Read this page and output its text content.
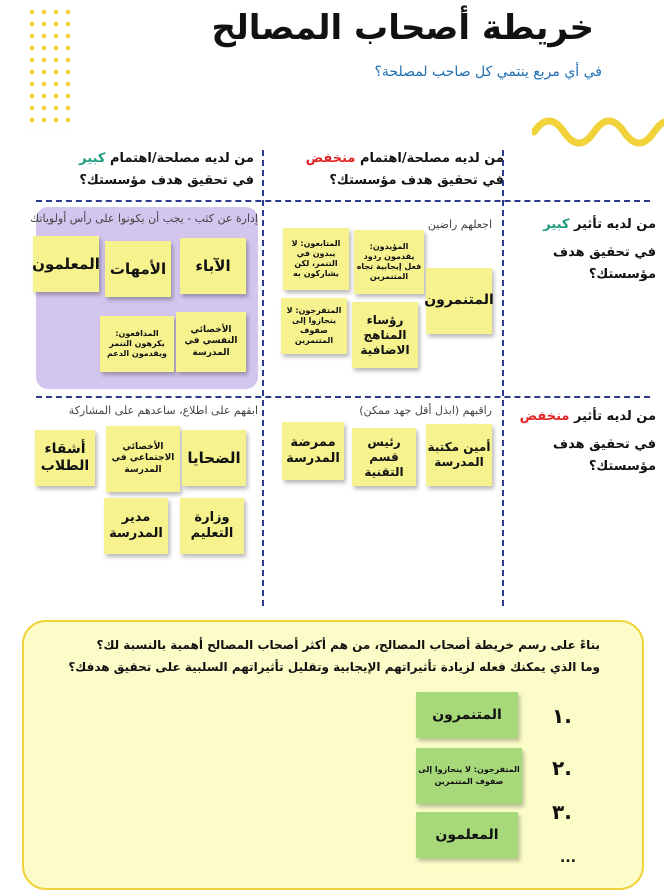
خريطة أصحاب المصالح
في أي مربع ينتمي كل صاحب لمصلحة؟
من لديه مصلحة/اهتمام منخفض
في تحقيق هدف مؤسستك؟
من لديه مصلحة/اهتمام كبير
في تحقيق هدف مؤسستك؟
من لديه تأثير كبير
في تحقيق هدف
مؤسستك؟
من لديه تأثير منخفض
في تحقيق هدف
مؤسستك؟
إدارة عن كثب - يجب أن يكونوا على رأس أولوياتك	اجعلهم راضين
ابقهم على اطلاع، ساعدهم على المشاركة	راقبهم (ابذل أقل جهد ممكن)
المعلمون الأمهات	الآباء
المدافعون: يكرهون التنمر ويقدمون الدعم
الأخصائي النفسي في المدرسة
المتابعون: لا يبدون في التنمر، لكن يشاركون به
المؤيدون: يقدمون ردود فعل إيجابية تجاه المتنمرين
المتنمرون
المتفرجون: لا ينحازوا إلى صفوف المتنمرين
رؤساء المناهج الاضافية
أشقاء الطلاب
الأخصائي الاجتماعي في المدرسة
الضحايا
مدير المدرسة
وزارة التعليم
ممرضة المدرسة
رئيس قسم التقنية
أمين مكتبة المدرسة
بناءً على رسم خريطة أصحاب المصالح، من هم أكثر أصحاب المصالح أهمية بالنسبة لك؟
وما الذي يمكنك فعله لزيادة تأثيراتهم الإيجابية وتقليل تأثيراتهم السلبية على تحقيق هدفك؟
.١
المتنمرون
.٢
المتفرجون: لا ينحازوا إلى صفوف المتنمرين
.٣
المعلمون
...
